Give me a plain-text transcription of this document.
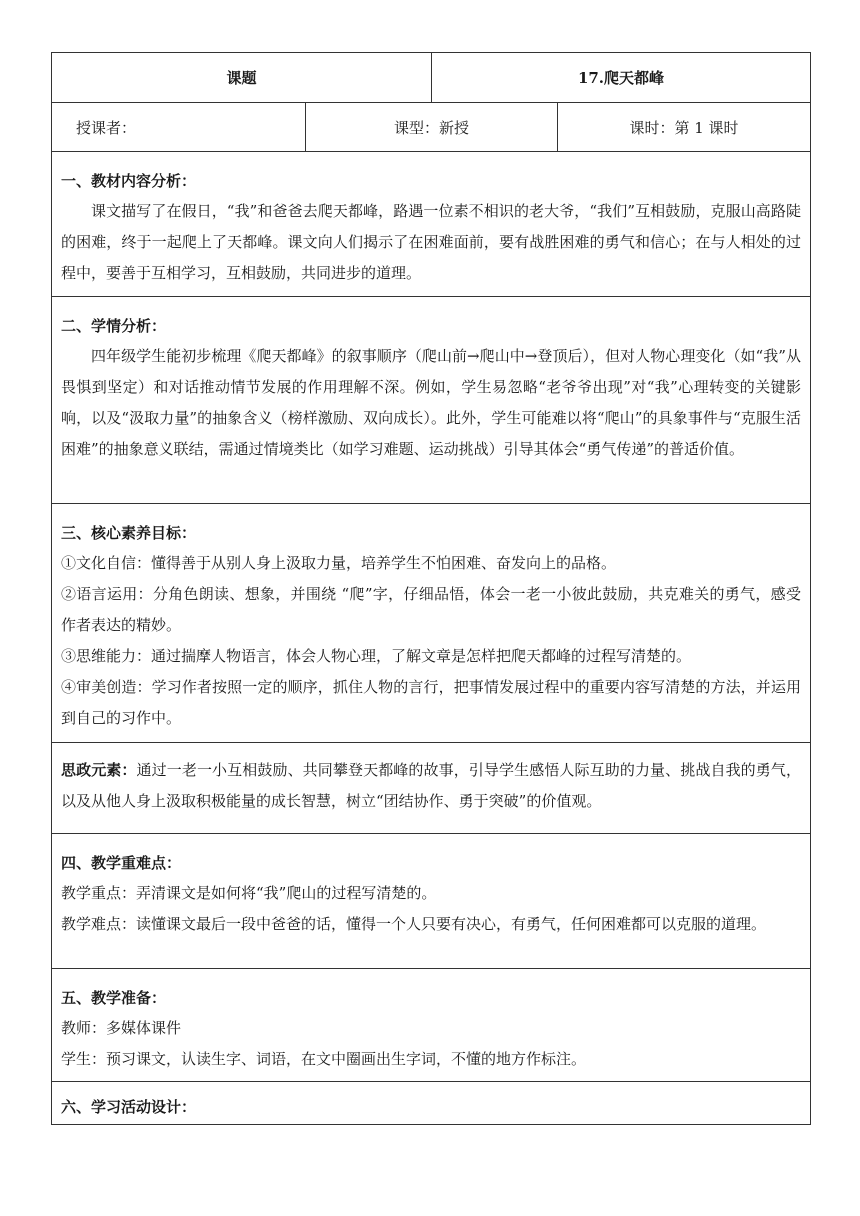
课题	17.爬天都峰
授课者：	课型：新授	课时：第 1 课时

一、教材内容分析：

课文描写了在假日，“我”和爸爸去爬天都峰，路遇一位素不相识的老大爷，“我们”互相鼓励，克服山高路陡的困难，终于一起爬上了天都峰。课文向人们揭示了在困难面前，要有战胜困难的勇气和信心；在与人相处的过程中，要善于互相学习，互相鼓励，共同进步的道理。

二、学情分析：

四年级学生能初步梳理《爬天都峰》的叙事顺序（爬山前→爬山中→登顶后），但对人物心理变化（如“我”从畏惧到坚定）和对话推动情节发展的作用理解不深。例如，学生易忽略“老爷爷出现”对“我”心理转变的关键影响，以及“汲取力量”的抽象含义（榜样激励、双向成长）。此外，学生可能难以将“爬山”的具象事件与“克服生活困难”的抽象意义联结，需通过情境类比（如学习难题、运动挑战）引导其体会“勇气传递”的普适价值。

三、核心素养目标：

①文化自信：懂得善于从别人身上汲取力量，培养学生不怕困难、奋发向上的品格。

②语言运用：分角色朗读、想象，并围绕 “爬”字，仔细品悟，体会一老一小彼此鼓励，共克难关的勇气，感受作者表达的精妙。

③思维能力：通过揣摩人物语言，体会人物心理，了解文章是怎样把爬天都峰的过程写清楚的。

④审美创造：学习作者按照一定的顺序，抓住人物的言行，把事情发展过程中的重要内容写清楚的方法，并运用到自己的习作中。

思政元素：通过一老一小互相鼓励、共同攀登天都峰的故事，引导学生感悟人际互助的力量、挑战自我的勇气，以及从他人身上汲取积极能量的成长智慧，树立“团结协作、勇于突破”的价值观。

四、教学重难点：

教学重点：弄清课文是如何将“我”爬山的过程写清楚的。

教学难点：读懂课文最后一段中爸爸的话，懂得一个人只要有决心，有勇气，任何困难都可以克服的道理。

五、教学准备：

教师：多媒体课件

学生：预习课文，认读生字、词语，在文中圈画出生字词，不懂的地方作标注。

六、学习活动设计：
